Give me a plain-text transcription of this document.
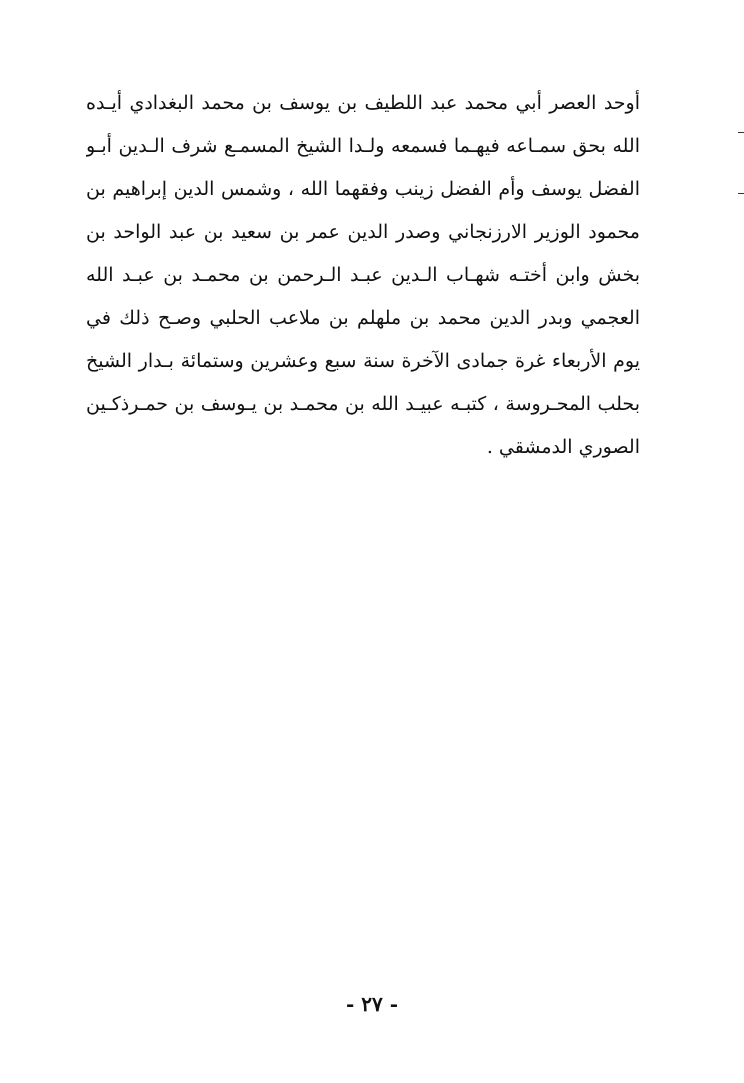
أوحد العصر أبي محمد عبد اللطيف بن يوسف بن محمد البغدادي أيـده
الله بحق سمـاعه فيهـما فسمعه ولـدا الشيخ المسمـع شرف الـدين أبـو
الفضل يوسف وأم الفضل زينب وفقهما الله ، وشمس الدين إبراهيم بن
محمود الوزير الارزنجاني وصدر الدين عمر بن سعيد بن عبد الواحد بن
بخش وابن أختـه شهـاب الـدين عبـد الـرحمن بن محمـد بن عبـد الله
العجمي وبدر الدين محمد بن ملهلم بن ملاعب الحلبي وصـح ذلك في
يوم الأربعاء غرة جمادى الآخرة سنة سبع وعشرين وستمائة بـدار الشيخ
بحلب المحـروسة ، كتبـه عبيـد الله بن محمـد بن يـوسف بن حمـرذكـين
الصوري الدمشقي .
- ٢٧ -
